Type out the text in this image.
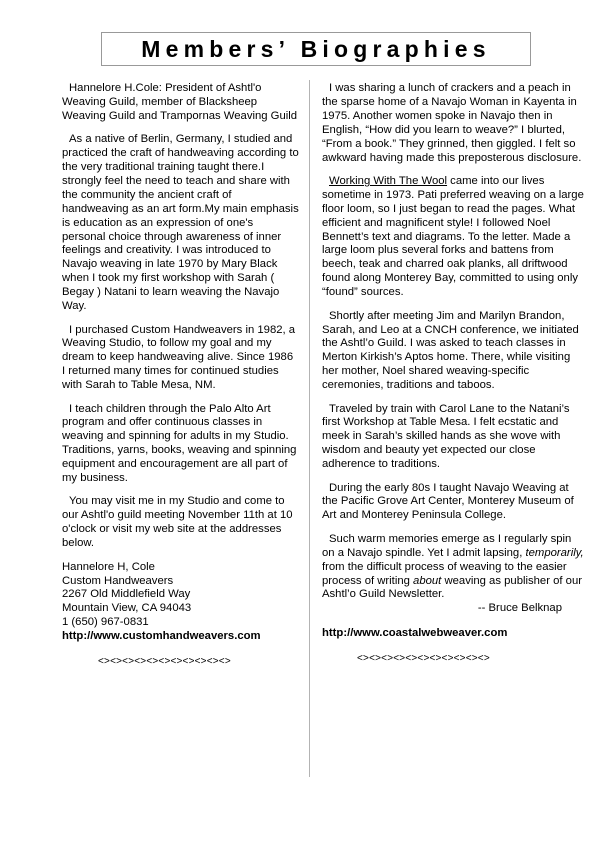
Members’ Biographies

Hannelore H.Cole: President of Ashtl'o Weaving Guild, member of Blacksheep Weaving Guild and Trampornas Weaving Guild

As a native of Berlin, Germany, I studied and practiced the craft of handweaving according to the very traditional training taught there.I strongly feel the need to teach and share with the community the ancient craft of handweaving as an art form.My main emphasis is education as an expression of one's personal choice through awareness of inner feelings and creativity. I was introduced to Navajo weaving in late 1970 by Mary Black when I took my first workshop with Sarah ( Begay ) Natani to learn weaving the Navajo Way.

I purchased Custom Handweavers in 1982, a Weaving Studio, to follow my goal and my dream to keep handweaving alive. Since 1986 I returned many times for continued studies with Sarah to Table Mesa, NM.

I teach children through the Palo Alto Art program and offer continuous classes in weaving and spinning for adults in my Studio. Traditions, yarns, books, weaving and spinning equipment and encouragement are all part of my business.

You may visit me in my Studio and come to our Ashtl'o guild meeting November 11th at 10 o'clock or visit my web site at the addresses below.

Hannelore H, Cole
Custom Handweavers
2267 Old Middlefield Way
Mountain View, CA 94043
1 (650) 967-0831
http://www.customhandweavers.com
<><><><><><><><><><><>

I was sharing a lunch of crackers and a peach in the sparse home of a Navajo Woman in Kayenta in 1975. Another women spoke in Navajo then in English, “How did you learn to weave?” I blurted, “From a book.” They grinned, then giggled. I felt so awkward having made this preposterous disclosure.

Working With The Wool came into our lives sometime in 1973. Pati preferred weaving on a large floor loom, so I just began to read the pages. What efficient and magnificent style! I followed Noel Bennett’s text and diagrams. To the letter. Made a large loom plus several forks and battens from beech, teak and charred oak planks, all driftwood found along Monterey Bay, committed to using only “found” sources.

Shortly after meeting Jim and Marilyn Brandon, Sarah, and Leo at a CNCH conference, we initiated the Ashtl’o Guild. I was asked to teach classes in Merton Kirkish’s Aptos home. There, while visiting her mother, Noel shared weaving-specific ceremonies, traditions and taboos.

Traveled by train with Carol Lane to the Natani’s first Workshop at Table Mesa. I felt ecstatic and meek in Sarah’s skilled hands as she wove with wisdom and beauty yet expected our close adherence to traditions.

During the early 80s I taught Navajo Weaving at the Pacific Grove Art Center, Monterey Museum of Art and Monterey Peninsula College.

Such warm memories emerge as I regularly spin on a Navajo spindle. Yet I admit lapsing, temporarily, from the difficult process of weaving to the easier process of writing about weaving as publisher of our Ashtl’o Guild Newsletter.

-- Bruce Belknap
http://www.coastalwebweaver.com
<><><><><><><><><><><>
